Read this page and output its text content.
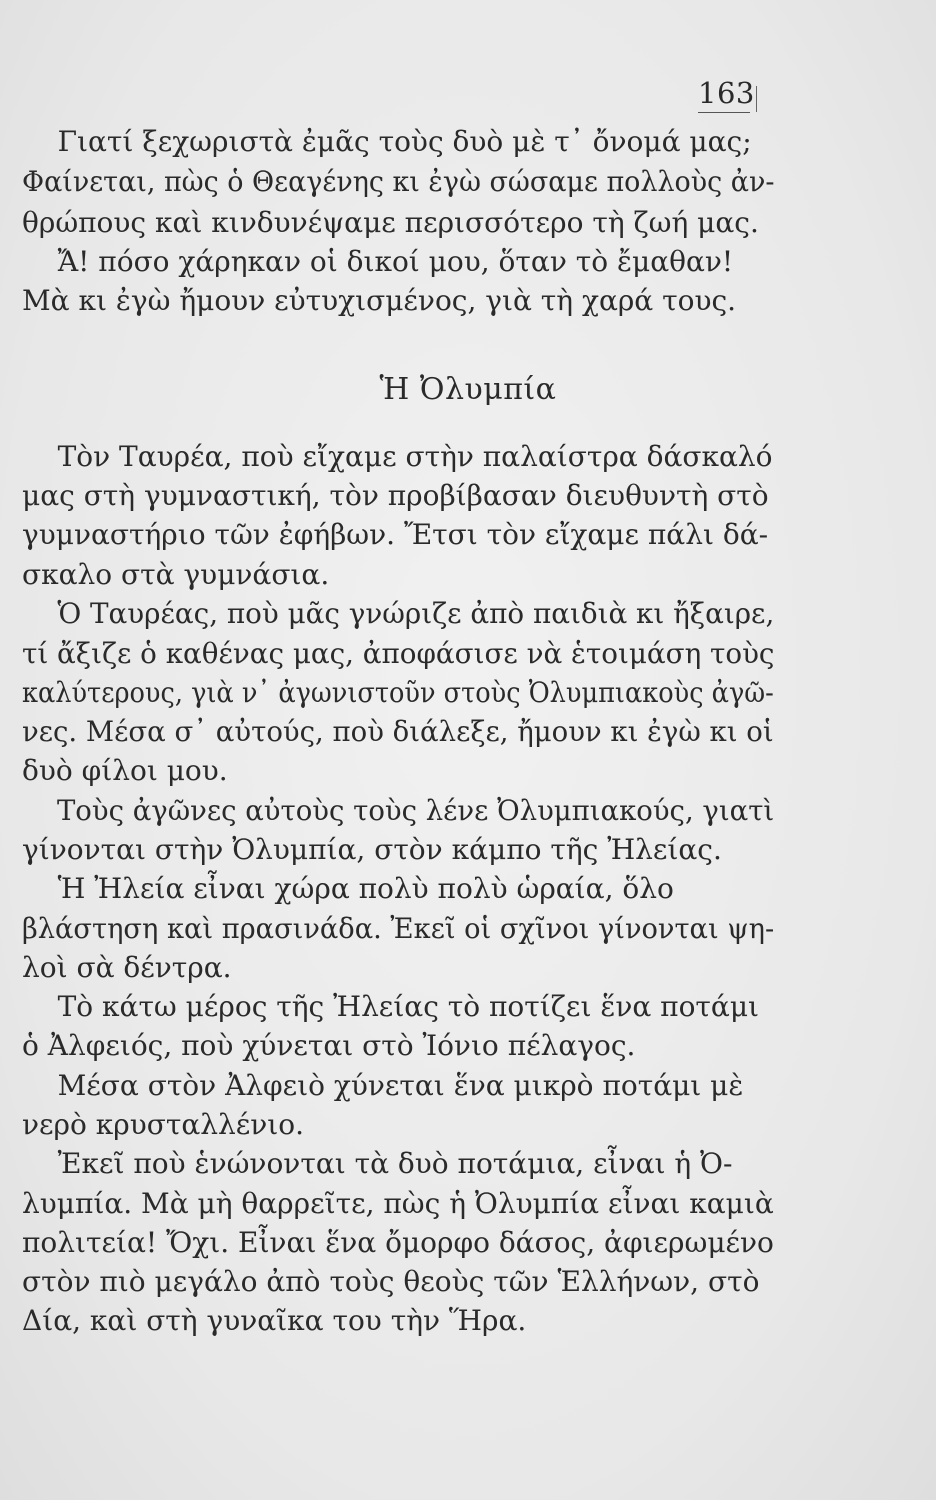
163
Γιατί ξεχωριστὰ ἐμᾶς τοὺς δυὸ μὲ τ᾽ ὄνομά μας;
Φαίνεται, πὼς ὁ Θεαγένης κι ἐγὼ σώσαμε πολλοὺς ἀν-
θρώπους καὶ κινδυνέψαμε περισσότερο τὴ ζωή μας.
Ἄ! πόσο χάρηκαν οἱ δικοί μου, ὅταν τὸ ἔμαθαν!
Μὰ κι ἐγὼ ἤμουν εὐτυχισμένος, γιὰ τὴ χαρά τους.
Ἡ Ὀλυμπία
Τὸν Ταυρέα, ποὺ εἴχαμε στὴν παλαίστρα δάσκαλό
μας στὴ γυμναστική, τὸν προβίβασαν διευθυντὴ στὸ
γυμναστήριο τῶν ἐφήβων. Ἔτσι τὸν εἴχαμε πάλι δά-
σκαλο στὰ γυμνάσια.
Ὁ Ταυρέας, ποὺ μᾶς γνώριζε ἀπὸ παιδιὰ κι ἤξαιρε,
τί ἄξιζε ὁ καθένας μας, ἀποφάσισε νὰ ἑτοιμάση τοὺς
καλύτερους, γιὰ ν᾽ ἀγωνιστοῦν στοὺς Ὀλυμπιακοὺς ἀγῶ-
νες. Μέσα σ᾽ αὐτούς, ποὺ διάλεξε, ἤμουν κι ἐγὼ κι οἱ
δυὸ φίλοι μου.
Τοὺς ἀγῶνες αὐτοὺς τοὺς λένε Ὀλυμπιακούς, γιατὶ
γίνονται στὴν Ὀλυμπία, στὸν κάμπο τῆς Ἠλείας.
Ἡ Ἠλεία εἶναι χώρα πολὺ πολὺ ὡραία, ὅλο
βλάστηση καὶ πρασινάδα. Ἐκεῖ οἱ σχῖνοι γίνονται ψη-
λοὶ σὰ δέντρα.
Τὸ κάτω μέρος τῆς Ἠλείας τὸ ποτίζει ἕνα ποτάμι
ὁ Ἀλφειός, ποὺ χύνεται στὸ Ἰόνιο πέλαγος.
Μέσα στὸν Ἀλφειὸ χύνεται ἕνα μικρὸ ποτάμι μὲ
νερὸ κρυσταλλένιο.
Ἐκεῖ ποὺ ἑνώνονται τὰ δυὸ ποτάμια, εἶναι ἡ Ὀ-
λυμπία. Μὰ μὴ θαρρεῖτε, πὼς ἡ Ὀλυμπία εἶναι καμιὰ
πολιτεία! Ὄχι. Εἶναι ἕνα ὄμορφο δάσος, ἀφιερωμένο
στὸν πιὸ μεγάλο ἀπὸ τοὺς θεοὺς τῶν Ἑλλήνων, στὸ
Δία, καὶ στὴ γυναῖκα του τὴν Ἥρα.
